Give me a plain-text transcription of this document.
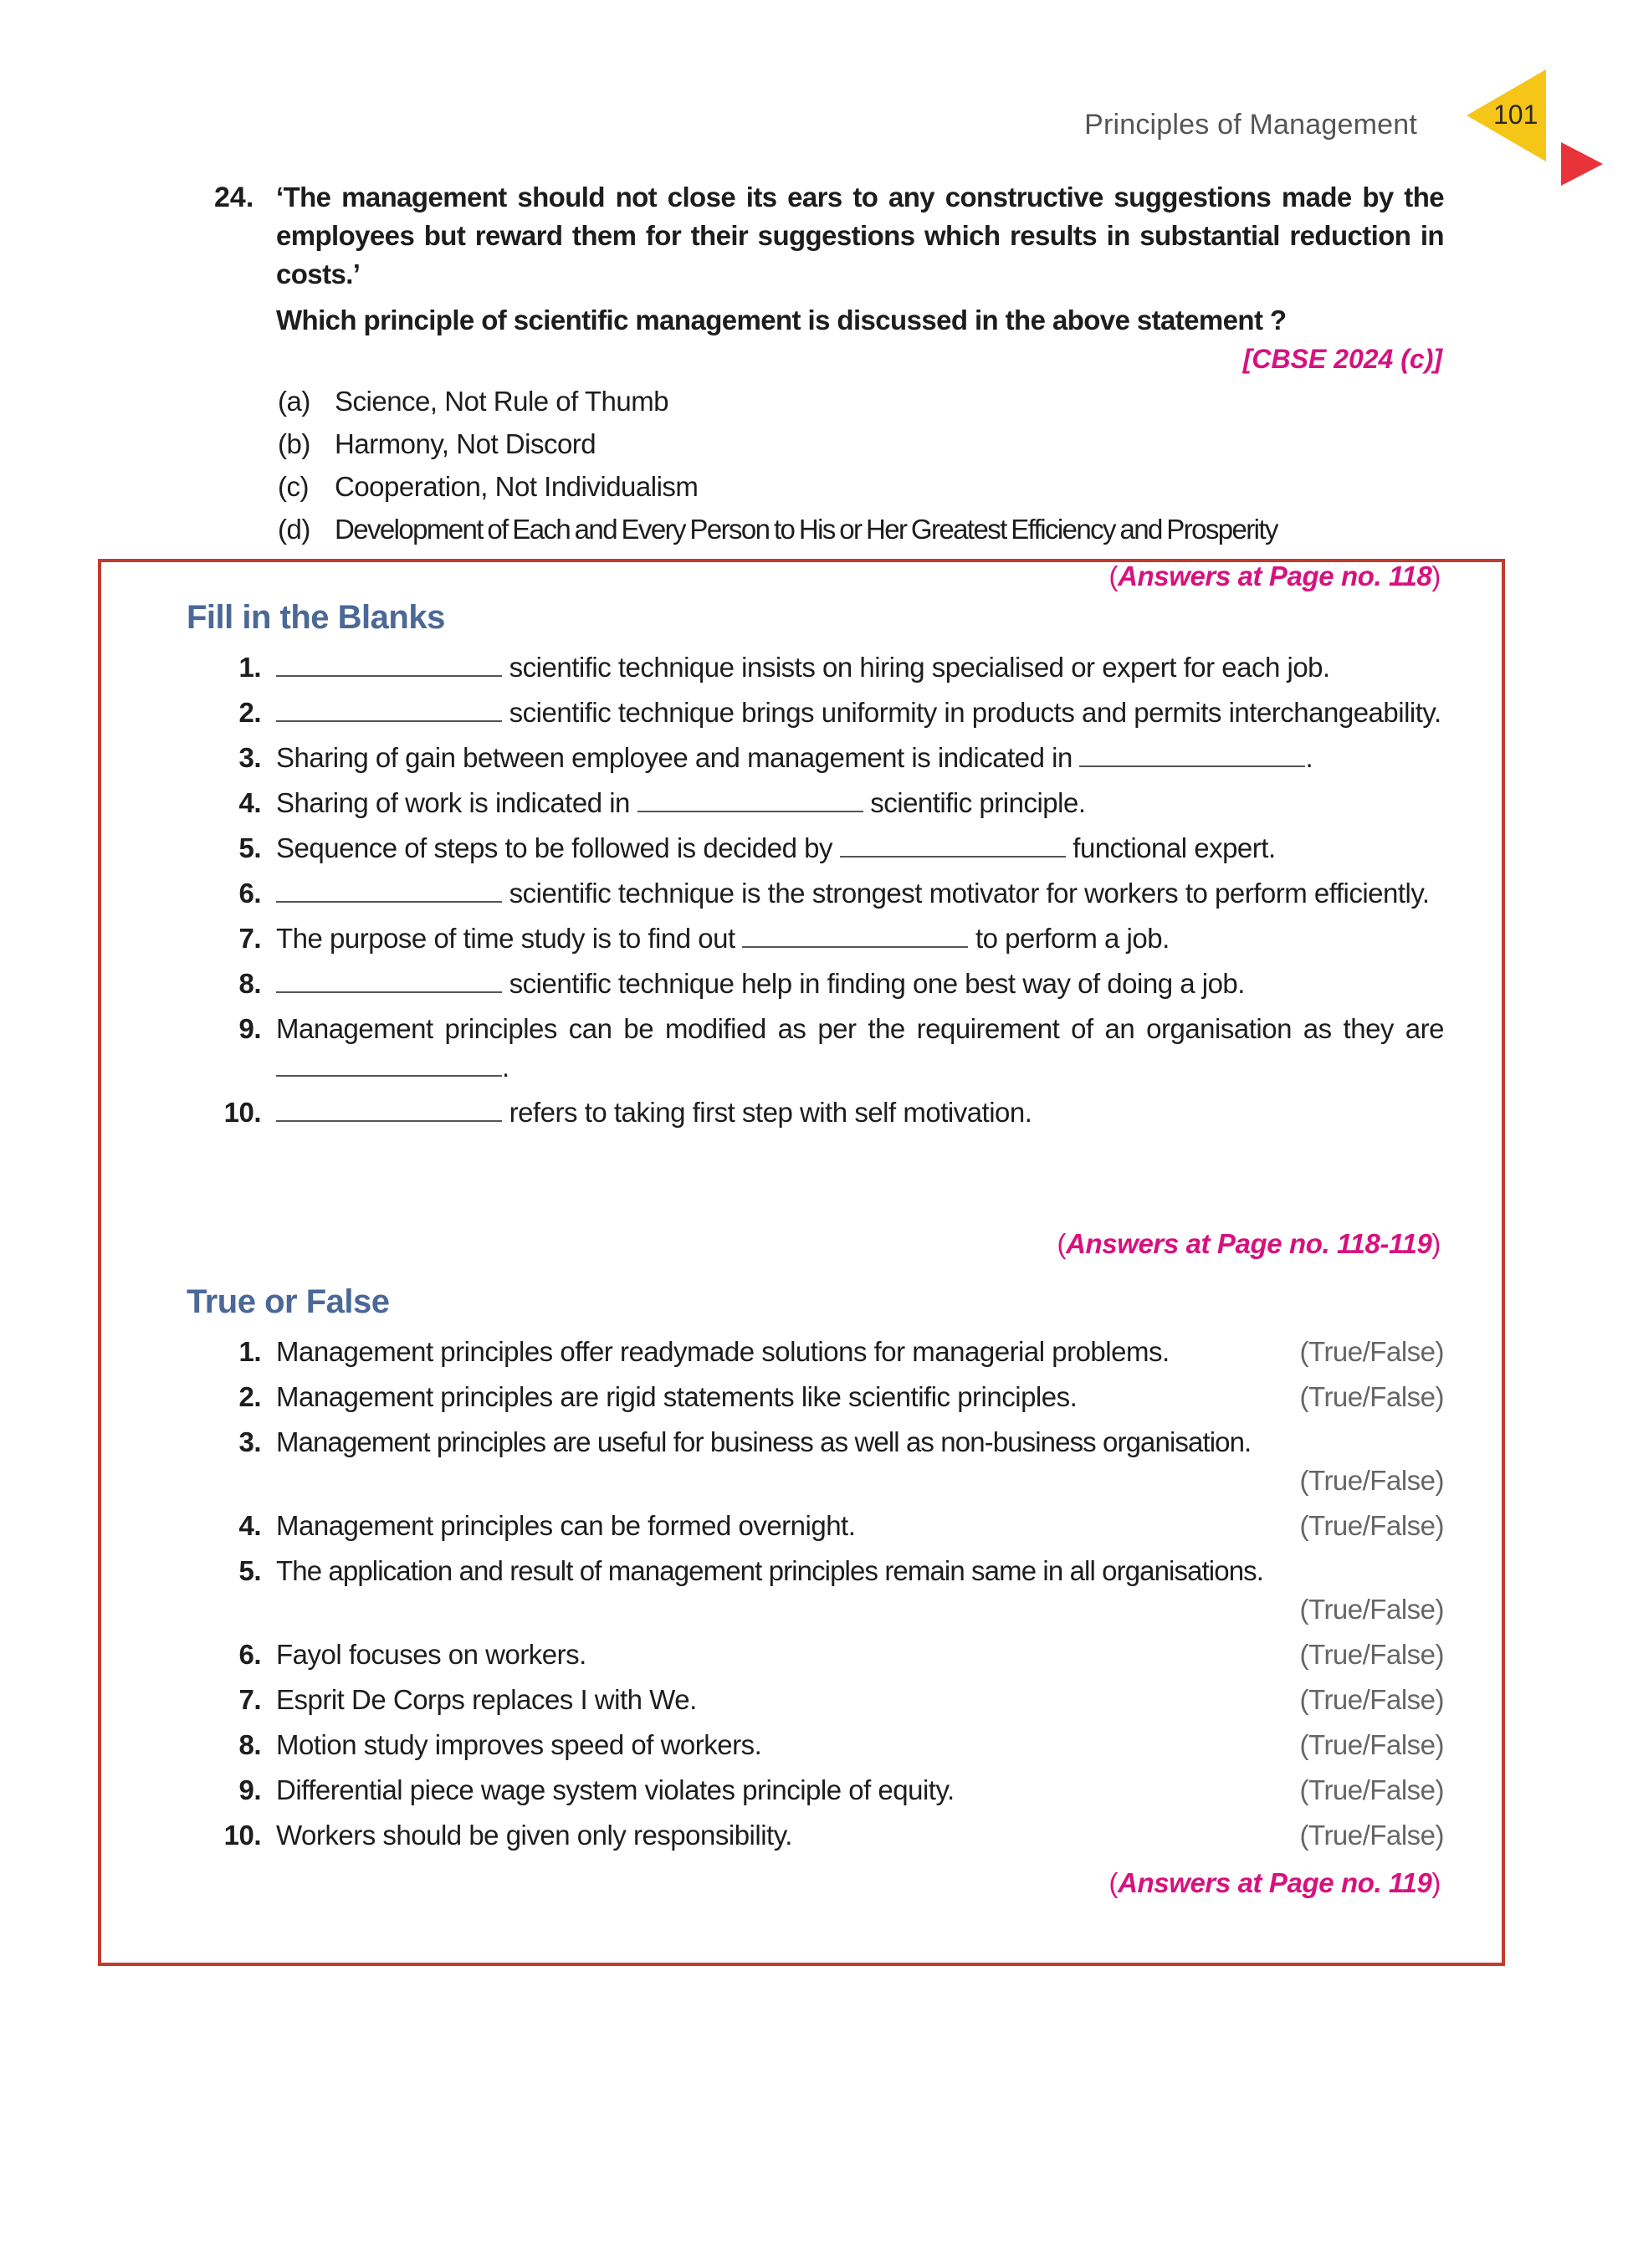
Principles of Management	101
24. ‘The management should not close its ears to any constructive suggestions made by the employees but reward them for their suggestions which results in substantial reduction in costs.’
Which principle of scientific management is discussed in the above statement ?
[CBSE 2024 (c)]
(a) Science, Not Rule of Thumb
(b) Harmony, Not Discord
(c) Cooperation, Not Individualism
(d) Development of Each and Every Person to His or Her Greatest Efficiency and Prosperity
(Answers at Page no. 118)
Fill in the Blanks
1.	scientific technique insists on hiring specialised or expert for each job.
2.	scientific technique brings uniformity in products and permits interchangeability.
3. Sharing of gain between employee and management is indicated in	.
4. Sharing of work is indicated in	scientific principle.
5. Sequence of steps to be followed is decided by	functional expert.
6.	scientific technique is the strongest motivator for workers to perform efficiently.
7. The purpose of time study is to find out	to perform a job.
8.	scientific technique help in finding one best way of doing a job.
9. Management principles can be modified as per the requirement of an organisation as they are .
10.	refers to taking first step with self motivation.
(Answers at Page no. 118-119)
True or False
1. Management principles offer readymade solutions for managerial problems.	(True/False)
2. Management principles are rigid statements like scientific principles.	(True/False)
3. Management principles are useful for business as well as non-business organisation.
(True/False)
4. Management principles can be formed overnight.	(True/False)
5. The application and result of management principles remain same in all organisations.
(True/False)
6. Fayol focuses on workers.	(True/False)
7. Esprit De Corps replaces I with We.	(True/False)
8. Motion study improves speed of workers.	(True/False)
9. Differential piece wage system violates principle of equity.	(True/False)
10. Workers should be given only responsibility.	(True/False)
(Answers at Page no. 119)
